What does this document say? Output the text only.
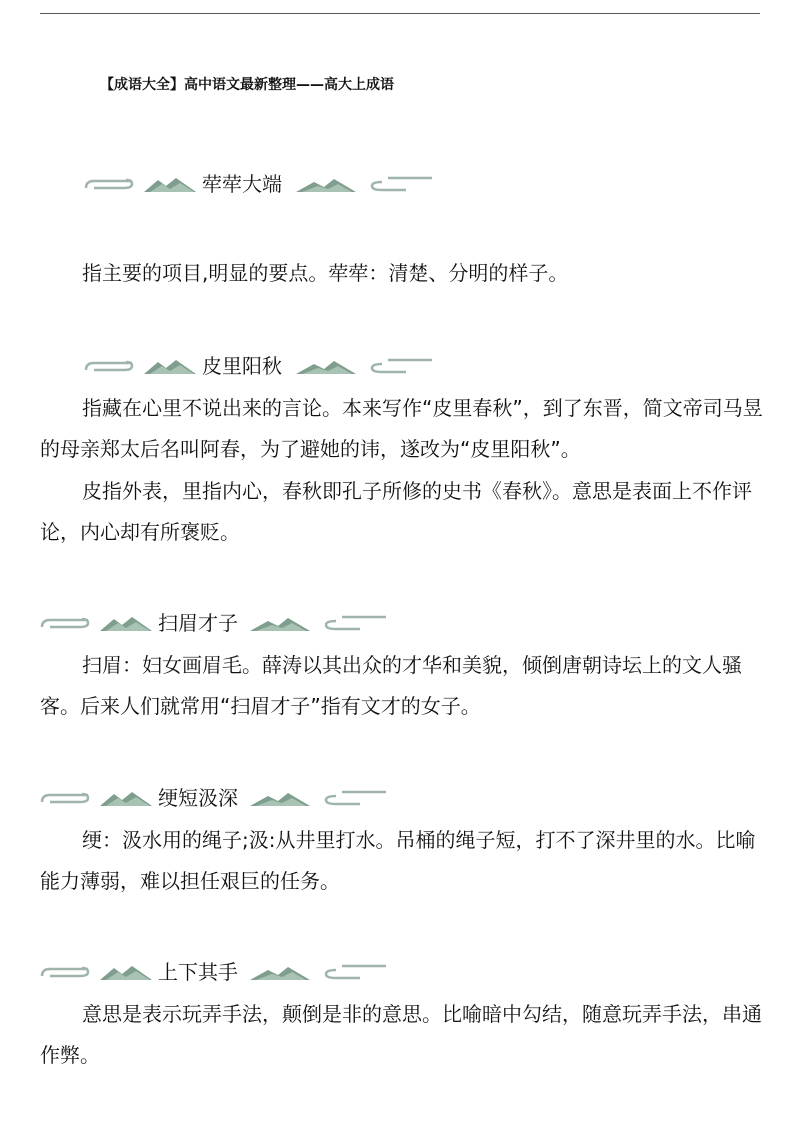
【成语大全】高中语文最新整理——高大上成语
荦荦大端

指主要的项目,明显的要点。荦荦：清楚、分明的样子。

皮里阳秋

指藏在心里不说出来的言论。本来写作“皮里春秋”，到了东晋，简文帝司马昱的母亲郑太后名叫阿春，为了避她的讳，遂改为“皮里阳秋”。

皮指外表，里指内心，春秋即孔子所修的史书《春秋》。意思是表面上不作评论，内心却有所褒贬。

扫眉才子

扫眉：妇女画眉毛。薛涛以其出众的才华和美貌，倾倒唐朝诗坛上的文人骚客。后来人们就常用“扫眉才子”指有文才的女子。

绠短汲深

绠：汲水用的绳子;汲:从井里打水。吊桶的绳子短，打不了深井里的水。比喻能力薄弱，难以担任艰巨的任务。

上下其手

意思是表示玩弄手法，颠倒是非的意思。比喻暗中勾结，随意玩弄手法，串通作弊。
